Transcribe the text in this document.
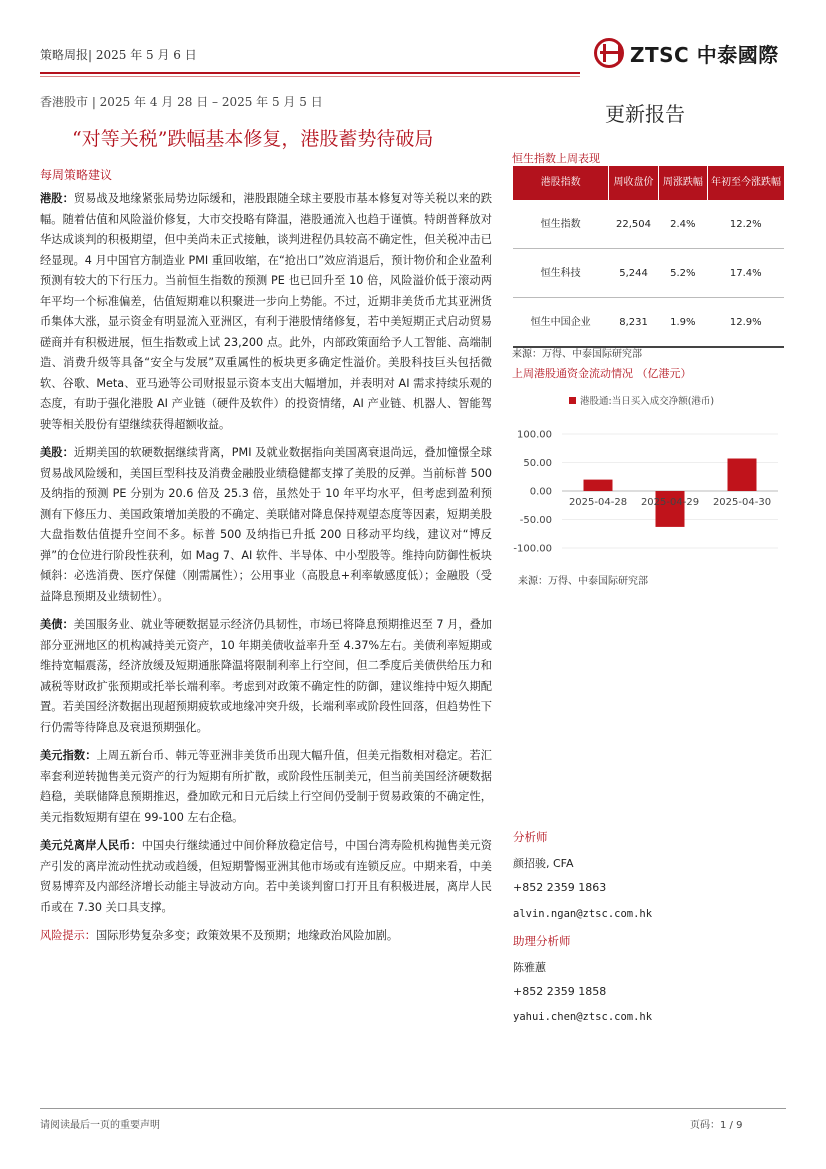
策略周报| 2025 年 5 月 6 日	ZTSC 中泰國際
香港股市 | 2025 年 4 月 28 日 – 2025 年 5 月 5 日	更新报告
“对等关税”跌幅基本修复，港股蓄势待破局
每周策略建议

港股：贸易战及地缘紧张局势边际缓和，港股跟随全球主要股市基本修复对等关税以来的跌幅。随着估值和风险溢价修复，大市交投略有降温，港股通流入也趋于谨慎。特朗普释放对华达成谈判的积极期望，但中美尚未正式接触，谈判进程仍具较高不确定性，但关税冲击已经显现。4 月中国官方制造业 PMI 重回收缩，在“抢出口”效应消退后，预计物价和企业盈利预测有较大的下行压力。当前恒生指数的预测 PE 也已回升至 10 倍，风险溢价低于滚动两年平均一个标准偏差，估值短期难以积聚进一步向上势能。不过，近期非美货币尤其亚洲货币集体大涨，显示资金有明显流入亚洲区，有利于港股情绪修复，若中美短期正式启动贸易磋商并有积极进展，恒生指数或上试 23,200 点。此外，内部政策面给予人工智能、高端制造、消费升级等具备“安全与发展”双重属性的板块更多确定性溢价。美股科技巨头包括微软、谷歌、Meta、亚马逊等公司财报显示资本支出大幅增加，并表明对 AI 需求持续乐观的态度，有助于强化港股 AI 产业链（硬件及软件）的投资情绪，AI 产业链、机器人、智能驾驶等相关股份有望继续获得超额收益。

美股：近期美国的软硬数据继续背离，PMI 及就业数据指向美国离衰退尚远，叠加憧憬全球贸易战风险缓和，美国巨型科技及消费金融股业绩稳健都支撑了美股的反弹。当前标普 500 及纳指的预测 PE 分别为 20.6 倍及 25.3 倍，虽然处于 10 年平均水平，但考虑到盈利预测有下修压力、美国政策增加美股的不确定、美联储对降息保持观望态度等因素，短期美股大盘指数估值提升空间不多。标普 500 及纳指已升抵 200 日移动平均线，建议对“博反弹”的仓位进行阶段性获利，如 Mag 7、AI 软件、半导体、中小型股等。维持向防御性板块倾斜：必选消费、医疗保健（刚需属性）；公用事业（高股息+利率敏感度低）；金融股（受益降息预期及业绩韧性）。

美债：美国服务业、就业等硬数据显示经济仍具韧性，市场已将降息预期推迟至 7 月，叠加部分亚洲地区的机构减持美元资产，10 年期美债收益率升至 4.37%左右。美债利率短期或维持宽幅震荡，经济放缓及短期通胀降温将限制利率上行空间，但二季度后美债供给压力和减税等财政扩张预期或托举长端利率。考虑到对政策不确定性的防御，建议维持中短久期配置。若美国经济数据出现超预期疲软或地缘冲突升级，长端利率或阶段性回落，但趋势性下行仍需等待降息及衰退预期强化。

美元指数：上周五新台币、韩元等亚洲非美货币出现大幅升值，但美元指数相对稳定。若汇率套利逆转抛售美元资产的行为短期有所扩散，或阶段性压制美元，但当前美国经济硬数据趋稳，美联储降息预期推迟，叠加欧元和日元后续上行空间仍受制于贸易政策的不确定性，美元指数短期有望在 99-100 左右企稳。

美元兑离岸人民币：中国央行继续通过中间价释放稳定信号，中国台湾寿险机构抛售美元资产引发的离岸流动性扰动或趋缓，但短期警惕亚洲其他市场或有连锁反应。中期来看，中美贸易博弈及内部经济增长动能主导波动方向。若中美谈判窗口打开且有积极进展，离岸人民币或在 7.30 关口具支撑。

风险提示：国际形势复杂多变；政策效果不及预期；地缘政治风险加剧。

恒生指数上周表现
港股指数	周收盘价	周涨跌幅	年初至今涨跌幅
恒生指数	22,504	2.4%	12.2%
恒生科技	5,244	5.2%	17.4%
恒生中国企业	8,231	1.9%	12.9%
来源：万得、中泰国际研究部
上周港股通资金流动情况 （亿港元）
港股通:当日买入成交净额(港币)
100.00
50.00
0.00
-50.00
-100.00
2025-04-28 2025-04-29 2025-04-30
来源：万得、中泰国际研究部
分析师
颜招骏, CFA
+852 2359 1863
alvin.ngan@ztsc.com.hk
助理分析师
陈雅蕙
+852 2359 1858
yahui.chen@ztsc.com.hk
请阅读最后一页的重要声明	页码：1 / 9
